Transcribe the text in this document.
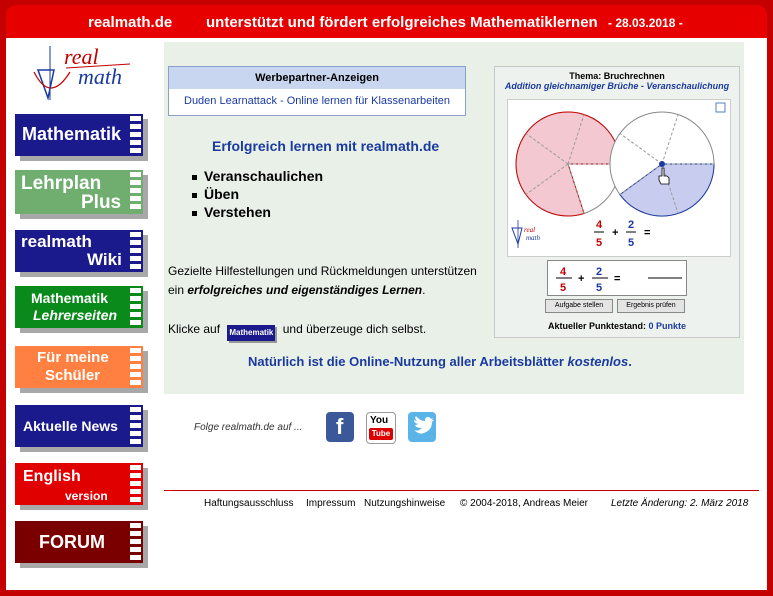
realmath.de unterstützt und fördert erfolgreiches Mathematiklernen - 28.03.2018 -
real
math
Mathematik
Lehrplan
Plus
realmath
Wiki
Mathematik
Lehrerseiten
Für meine
Schüler
Aktuelle News
English
version
FORUM
Werbepartner-Anzeigen
Duden Learnattack - Online lernen für Klassenarbeiten
Erfolgreich lernen mit realmath.de
Veranschaulichen
Üben
Verstehen
Gezielte Hilfestellungen und Rückmeldungen unterstützen
ein erfolgreiches und eigenständiges Lernen.
Klicke auf Mathematik und überzeuge dich selbst.
Natürlich ist die Online-Nutzung aller Arbeitsblätter kostenlos.
Thema: Bruchrechnen
Addition gleichnamiger Brüche - Veranschaulichung
real
math
4
5
+
2
5
=
4
5
+
2
5
=
Aufgabe stellen	Ergebnis prüfen
Aktueller Punktestand: 0 Punkte
Folge realmath.de auf ... f	You
Tube
Haftungsausschluss Impressum Nutzungshinweise © 2004-2018, Andreas Meier Letzte Änderung: 2. März 2018
